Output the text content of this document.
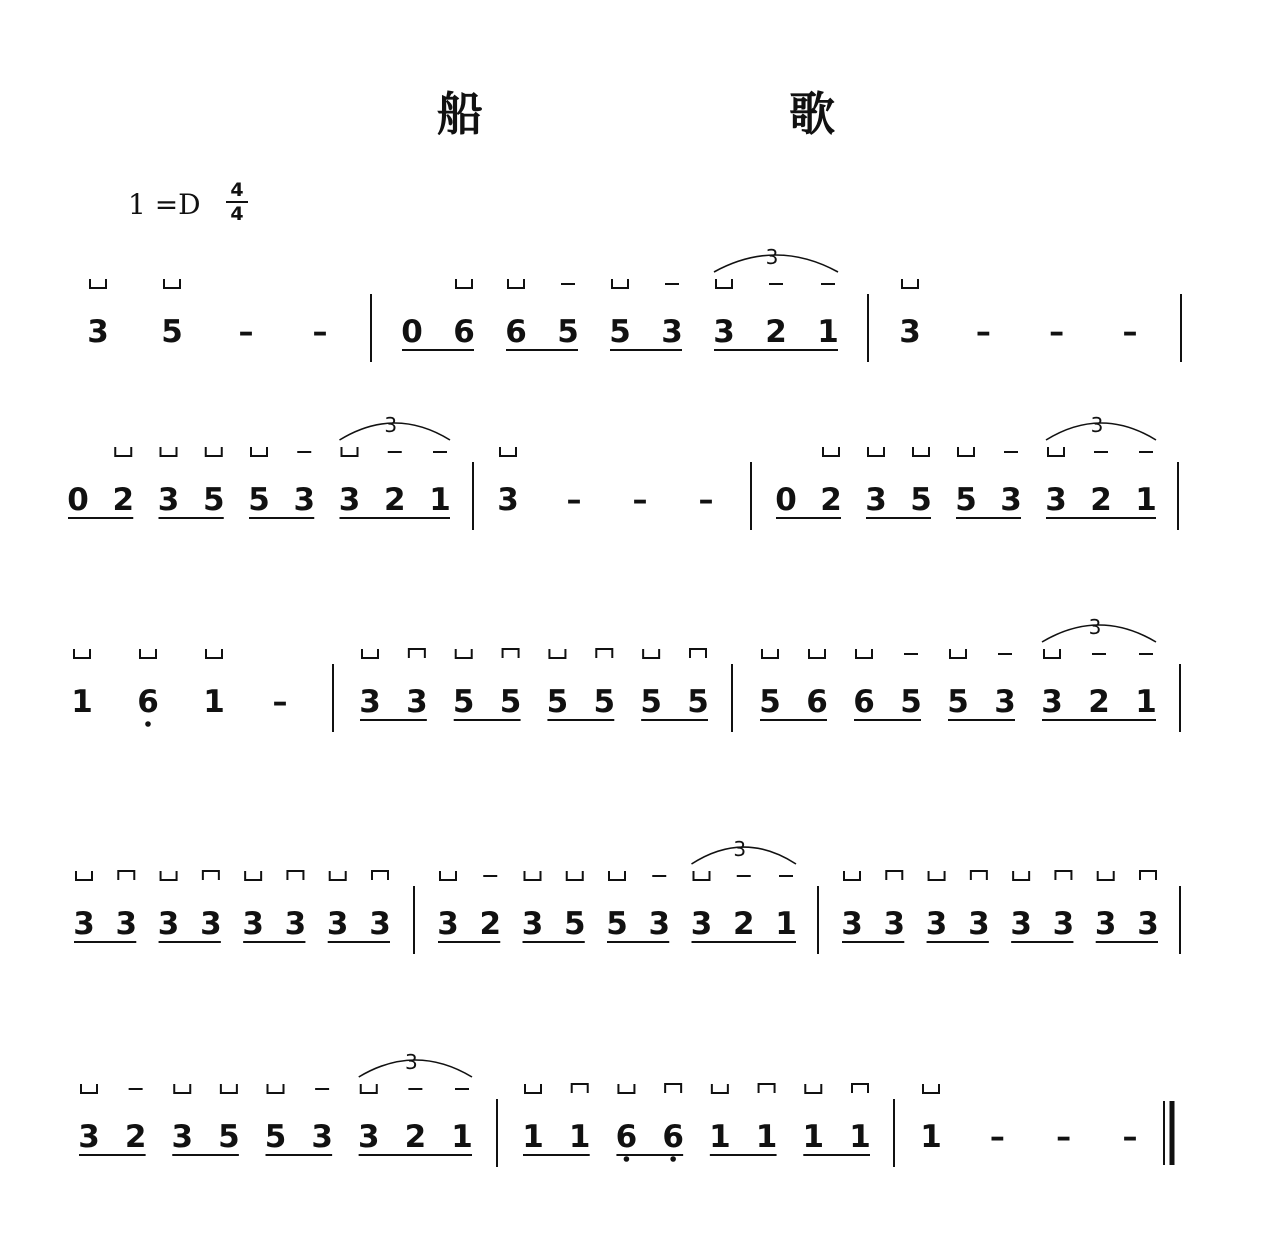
船　歌
1 =D 4
4
3 5 – – 0 6 6 5 5 3 3 2 1
3
3 – – –
0 2 3 5 5 3 3 2 1
3
3 – – – 0 2 3 5 5 3 3 2 1
3
1 6 1 – 3 3 5 5 5 5 5 5 5 6 6 5 5 3 3 2 1
3
3 3 3 3 3 3 3 3 3 2 3 5 5 3 3 2 1
3
3 3 3 3 3 3 3 3
3 2 3 5 5 3 3 2 1
3
1 1 6 6 1 1 1 1 1 – – –
